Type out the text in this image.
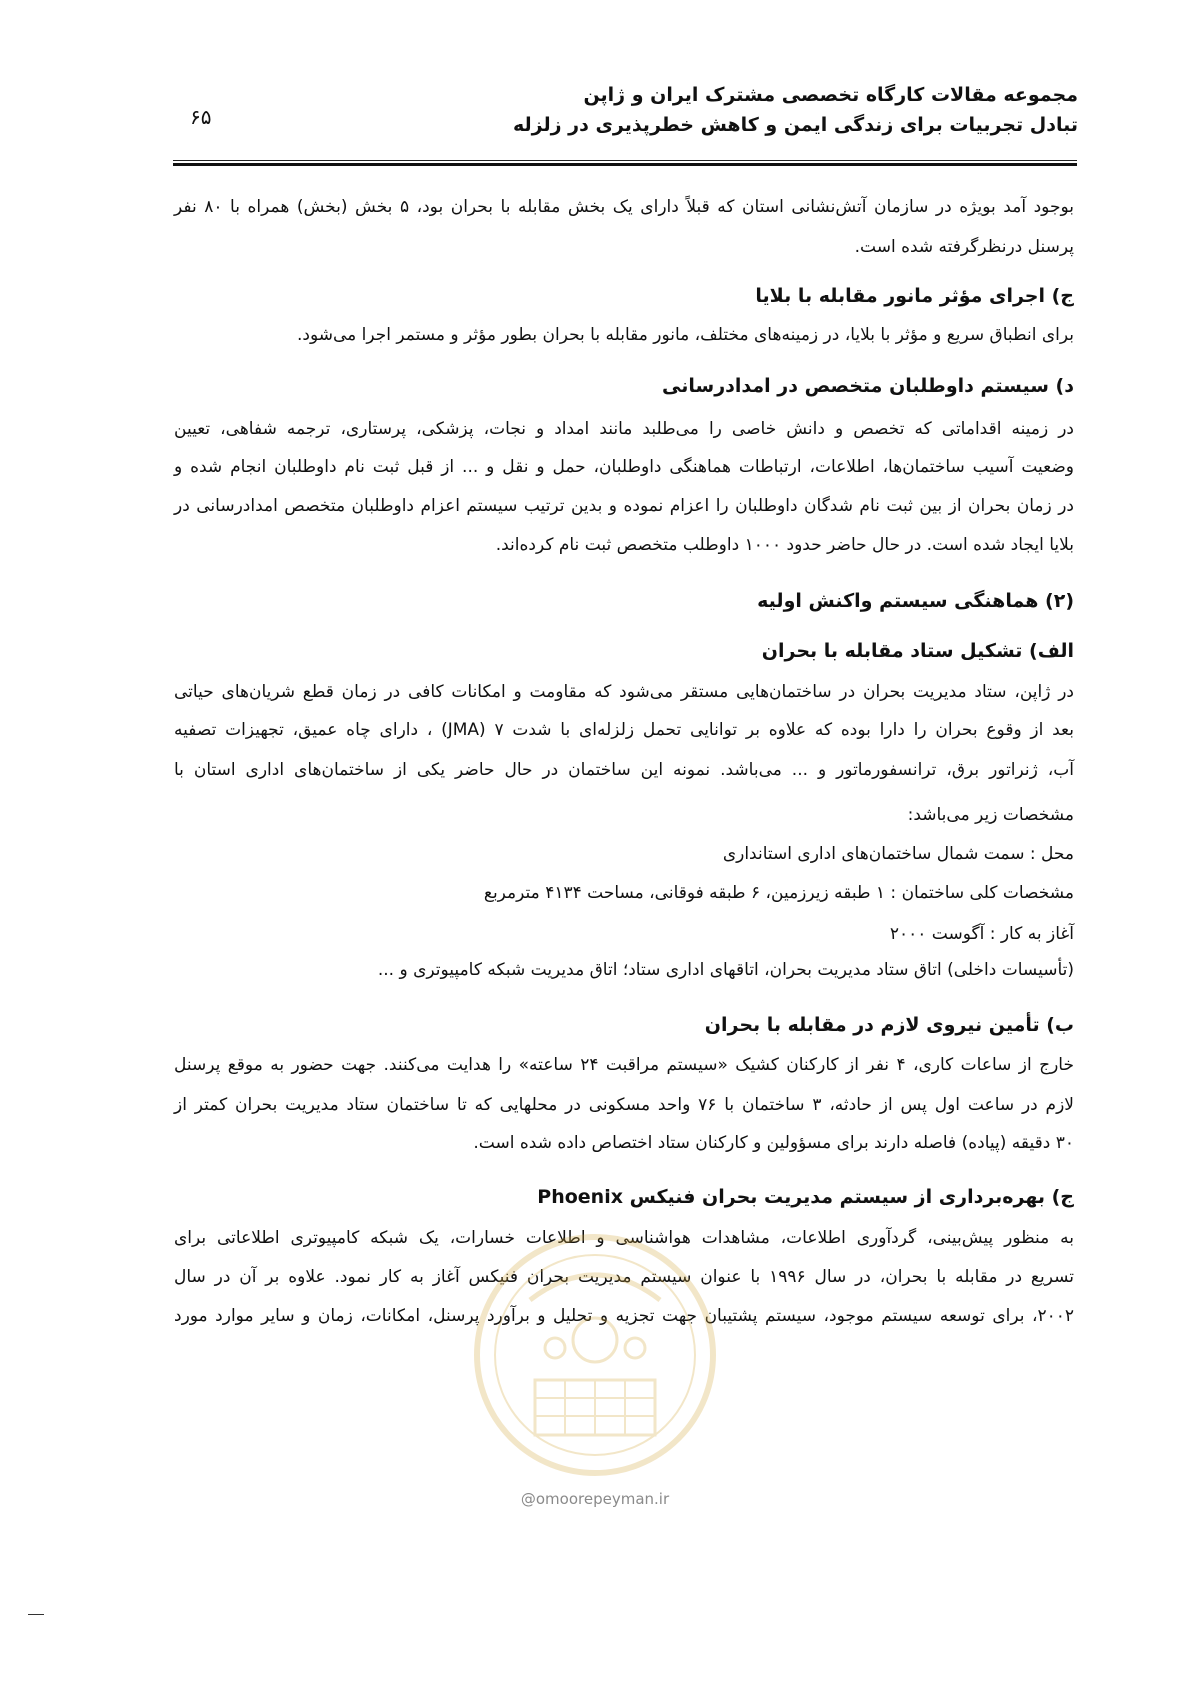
مجموعه مقالات کارگاه تخصصی مشترک ایران و ژاپن
تبادل تجربیات برای زندگی ایمن و کاهش خطرپذیری در زلزله
۶۵
بوجود آمد بویژه در سازمان آتش‌نشانی استان که قبلاً دارای یک بخش مقابله با بحران بود، ۵ بخش (بخش) همراه با ۸۰ نفر
پرسنل درنظرگرفته شده است.
ج) اجرای مؤثر مانور مقابله با بلایا
برای انطباق سریع و مؤثر با بلایا، در زمینه‌های مختلف، مانور مقابله با بحران بطور مؤثر و مستمر اجرا می‌شود.
د) سیستم داوطلبان متخصص در امدادرسانی
در زمینه اقداماتی که تخصص و دانش خاصی را می‌طلبد مانند امداد و نجات، پزشکی، پرستاری، ترجمه شفاهی، تعیین
وضعیت آسیب ساختمان‌ها، اطلاعات، ارتباطات هماهنگی داوطلبان، حمل و نقل و ... از قبل ثبت نام داوطلبان انجام شده و
در زمان بحران از بین ثبت نام شدگان داوطلبان را اعزام نموده و بدین ترتیب سیستم اعزام داوطلبان متخصص امدادرسانی در
بلایا ایجاد شده است. در حال حاضر حدود ۱۰۰۰ داوطلب متخصص ثبت نام کرده‌اند.
(۲) هماهنگی سیستم واکنش اولیه
الف) تشکیل ستاد مقابله با بحران
در ژاپن، ستاد مدیریت بحران در ساختمان‌هایی مستقر می‌شود که مقاومت و امکانات کافی در زمان قطع شریان‌های حیاتی
بعد از وقوع بحران را دارا بوده که علاوه بر توانایی تحمل زلزله‌ای با شدت ۷ (JMA) ، دارای چاه عمیق، تجهیزات تصفیه
آب، ژنراتور برق، ترانسفورماتور و ... می‌باشد. نمونه این ساختمان در حال حاضر یکی از ساختمان‌های اداری استان با
مشخصات زیر می‌باشد:
محل : سمت شمال ساختمان‌های اداری استانداری
مشخصات کلی ساختمان : ۱ طبقه زیرزمین، ۶ طبقه فوقانی، مساحت ۴۱۳۴ مترمربع
آغاز به کار : آگوست ۲۰۰۰
(تأسیسات داخلی) اتاق ستاد مدیریت بحران، اتاقهای اداری ستاد؛ اتاق مدیریت شبکه کامپیوتری و ...
ب) تأمین نیروی لازم در مقابله با بحران
خارج از ساعات کاری، ۴ نفر از کارکنان کشیک «سیستم مراقبت ۲۴ ساعته» را هدایت می‌کنند. جهت حضور به موقع پرسنل
لازم در ساعت اول پس از حادثه، ۳ ساختمان با ۷۶ واحد مسکونی در محلهایی که تا ساختمان ستاد مدیریت بحران کمتر از
۳۰ دقیقه (پیاده) فاصله دارند برای مسؤولین و کارکنان ستاد اختصاص داده شده است.
ج) بهره‌برداری از سیستم مدیریت بحران فنیکس Phoenix
به منظور پیش‌بینی، گردآوری اطلاعات، مشاهدات هواشناسی و اطلاعات خسارات، یک شبکه کامپیوتری اطلاعاتی برای
تسریع در مقابله با بحران، در سال ۱۹۹۶ با عنوان سیستم مدیریت بحران فنیکس آغاز به کار نمود. علاوه بر آن در سال
۲۰۰۲، برای توسعه سیستم موجود، سیستم پشتیبان جهت تجزیه و تحلیل و برآورد پرسنل، امکانات، زمان و سایر موارد مورد
@omoorepeyman.ir
